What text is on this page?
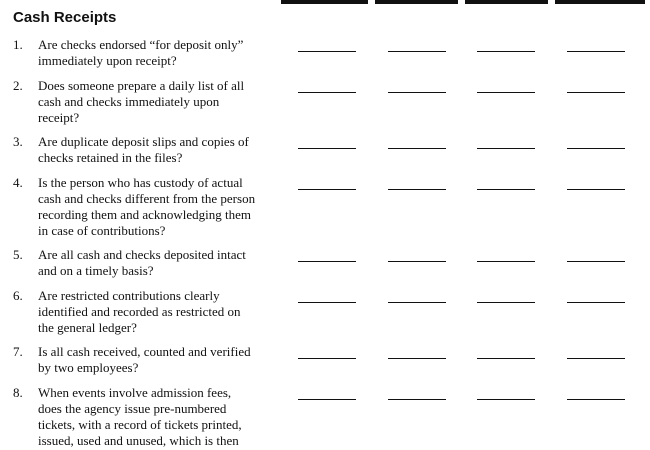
Cash Receipts
1.	Are checks endorsed “for deposit only”
immediately upon receipt?
2.	Does someone prepare a daily list of all
cash and checks immediately upon
receipt?
3.	Are duplicate deposit slips and copies of
checks retained in the files?
4.	Is the person who has custody of actual
cash and checks different from the person
recording them and acknowledging them
in case of contributions?
5.	Are all cash and checks deposited intact
and on a timely basis?
6.	Are restricted contributions clearly
identified and recorded as restricted on
the general ledger?
7.	Is all cash received, counted and verified
by two employees?
8.	When events involve admission fees,
does the agency issue pre-numbered
tickets, with a record of tickets printed,
issued, used and unused, which is then
